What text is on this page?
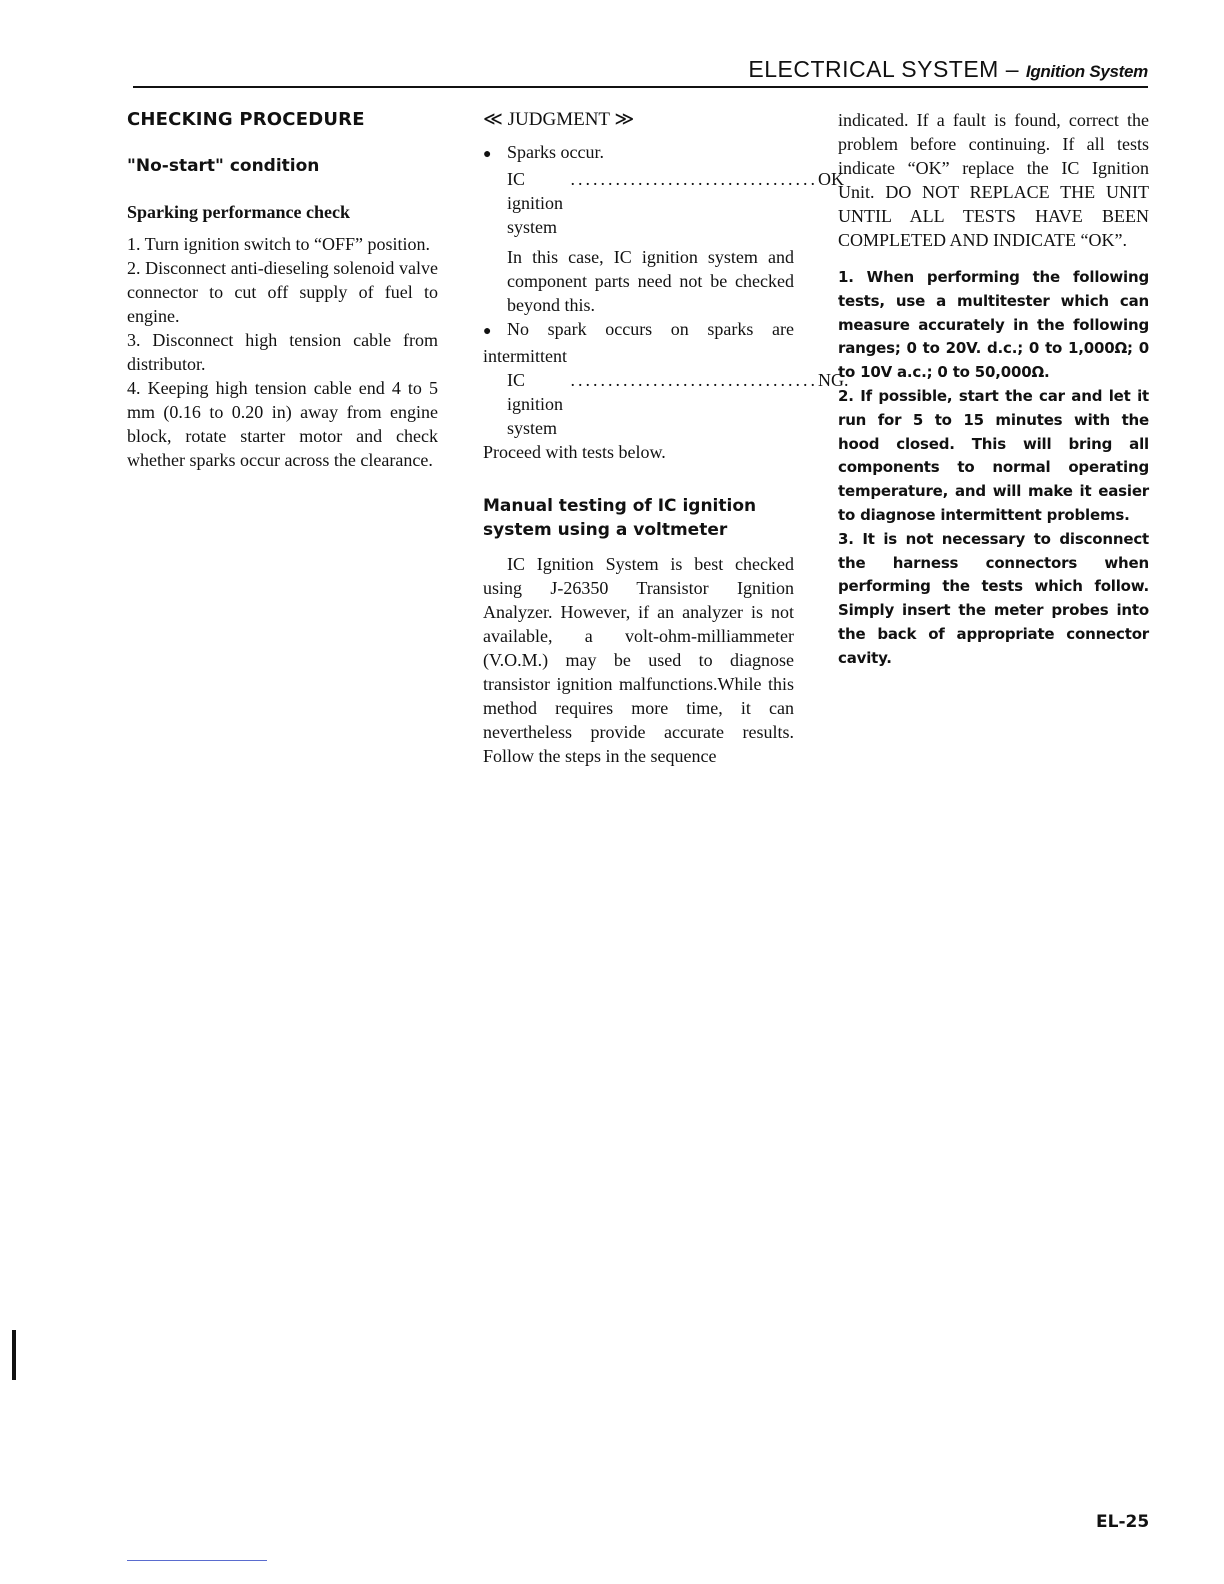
ELECTRICAL SYSTEM – Ignition System
CHECKING PROCEDURE
"No-start" condition
Sparking performance check

1. Turn ignition switch to “OFF” position.

2. Disconnect anti-dieseling solenoid valve connector to cut off supply of fuel to engine.

3. Disconnect high tension cable from distributor.

4. Keeping high tension cable end 4 to 5 mm (0.16 to 0.20 in) away from engine block, rotate starter motor and check whether sparks occur across the clearance.

≪ JUDGMENT ≫

● Sparks occur.

IC ignition system
................................. OK

In this case, IC ignition system and component parts need not be checked beyond this.

● No spark occurs on sparks are intermittent

IC ignition system
................................. NG.

Proceed with tests below.

Manual testing of IC ignition system using a voltmeter

IC Ignition System is best checked using J-26350 Transistor Ignition Analyzer. However, if an analyzer is not available, a volt-ohm-milliammeter (V.O.M.) may be used to diagnose transistor ignition malfunctions.While this method requires more time, it can nevertheless provide accurate results. Follow the steps in the sequence

indicated. If a fault is found, correct the problem before continuing. If all tests indicate “OK” replace the IC Ignition Unit. DO NOT REPLACE THE UNIT UNTIL ALL TESTS HAVE BEEN COMPLETED AND INDICATE “OK”.

1. When performing the following tests, use a multitester which can measure accurately in the following ranges; 0 to 20V. d.c.; 0 to 1,000Ω; 0 to 10V a.c.; 0 to 50,000Ω.

2. If possible, start the car and let it run for 5 to 15 minutes with the hood closed. This will bring all components to normal operating temperature, and will make it easier to diagnose intermittent problems.

3. It is not necessary to disconnect the harness connectors when performing the tests which follow. Simply insert the meter probes into the back of appropriate connector cavity.

EL-25
